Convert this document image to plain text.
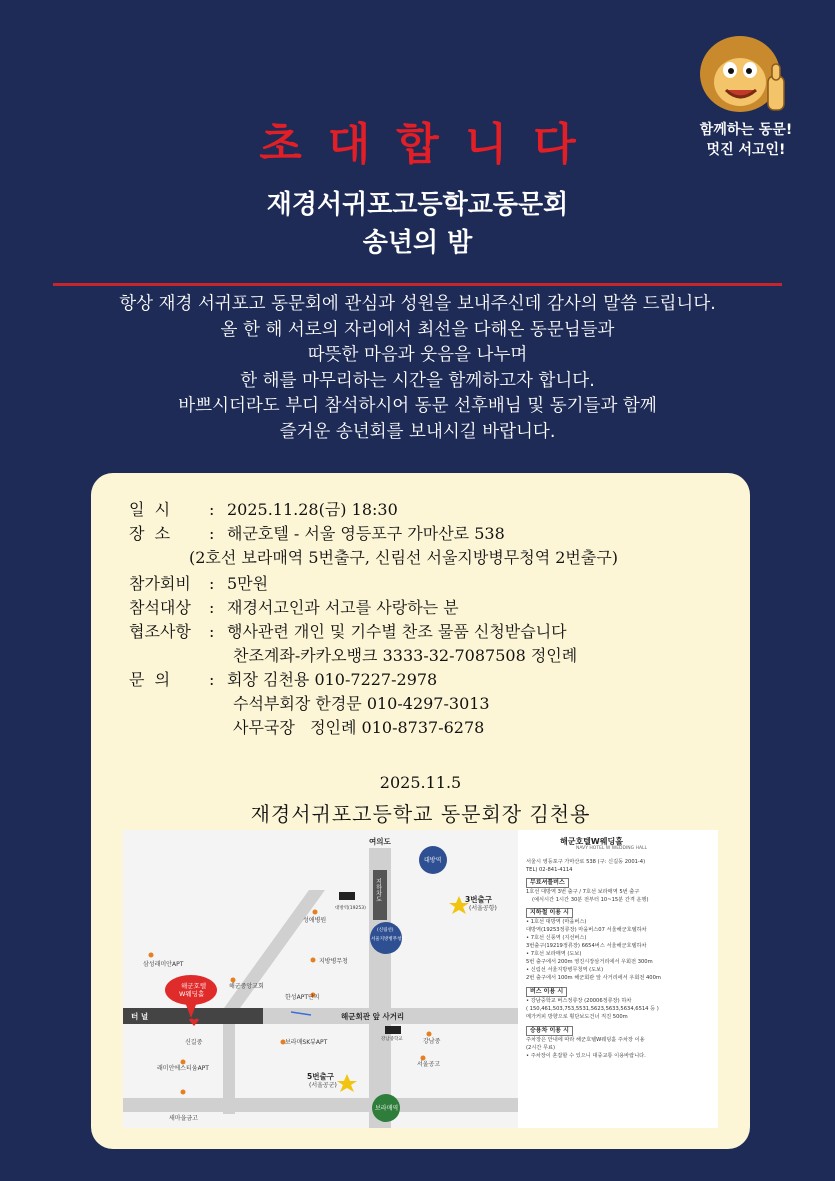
초대합니다	함께하는 동문!
멋진 서고인!
재경서귀포고등학교동문회
송년의 밤
항상 재경 서귀포고 동문회에 관심과 성원을 보내주신데 감사의 말씀 드립니다.
올 한 해 서로의 자리에서 최선을 다해온 동문님들과
따뜻한 마음과 웃음을 나누며
한 해를 마무리하는 시간을 함께하고자 합니다.
바쁘시더라도 부디 참석하시어 동문 선후배님 및 동기들과 함께
즐거운 송년회를 보내시길 바랍니다.
일  시 : 2025.11.28(금) 18:30
장  소 : 해군호텔 - 서울 영등포구 가마산로 538
(2호선 보라매역 5번출구, 신림선 서울지방병무청역 2번출구)
참가회비 : 5만원
참석대상 : 재경서고인과 서고를 사랑하는 분
협조사항 : 행사관련 개인 및 기수별 찬조 물품 신청받습니다
찬조계좌-카카오뱅크 3333-32-7087508 정인례
문  의 : 회장 김천용 010-7227-2978
수석부회장 한경문 010-4297-3013
사무국장   정인례 010-8737-6278
2025.11.5
재경서귀포고등학교 동문회장 김천용
여의도
지하차도
대방역
3번출구
(서울공항)
대방역(19253)
성애병원
(신림선)
서울지방병무청역
지방병무청
삼성래미안APT
해군중앙교회
한성APT단지
해군호텔
W웨딩홀
터 널	해군회관 앞 사거리
신길중	보라매SK뷰APT	강남중학교	강남중
서울공고
래미안에스티움APT
5번출구
(서울공군)
보라매역
새마을금고
해군호텔W웨딩홀
NAVY HOTEL W WEDDING HALL
서울시 영등포구 가마산로 538 (구: 신길동 2001-4)
TEL) 02-841-4114
무료셔틀버스
1호선 대방역 3번 출구 / 7호선 보라매역 5번 출구
(예식시간 1시간 30분 전부터 10~15분 간격 운행)
지하철 이용 시
• 1호선 대방역 (마을버스)
대방역(19253정류장) 마을버스07 서울해군호텔하차
• 7호선 신풍역 (지선버스)
3번출구(19219정류장) 6654버스 서울해군호텔하차
• 7호선 보라매역 (도보)
5번 출구에서 200m 영진시장삼거리에서 우회전 300m
• 신림선 서울지방병무청역 (도보)
2번 출구에서 100m 해군회관 앞 사거리에서 우회전 400m
버스 이용 시
• 강남중학교 버스정류장 (20006정류장) 하차
( 150,461,503,753,5531,5623,5633,5634,6514 등 )
메가커피 방향으로 횡단보도건너 직진 500m
승용차 이용 시
주차장은 안내에 따라 해군호텔W웨딩홀 주차장 이용
(2시간 무료)
• 주차장이 혼잡할 수 있으니 대중교통 이용바랍니다.
